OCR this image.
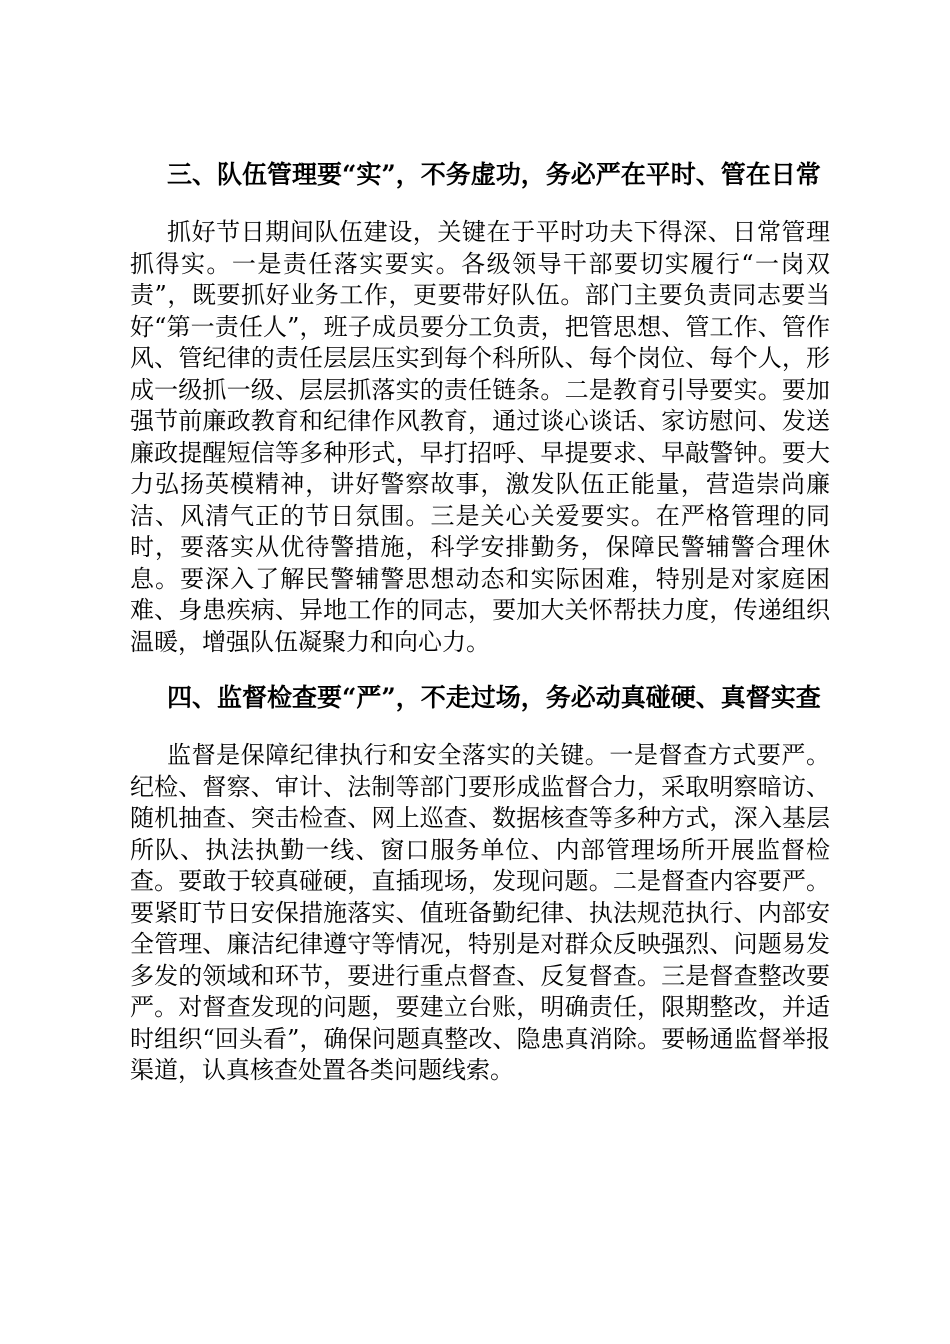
三、队伍管理要“实”，不务虚功，务必严在平时、管在日常
抓好节日期间队伍建设，关键在于平时功夫下得深、日常管理抓得实。一是责任落实要实。各级领导干部要切实履行“一岗双责”，既要抓好业务工作，更要带好队伍。部门主要负责同志要当好“第一责任人”，班子成员要分工负责，把管思想、管工作、管作风、管纪律的责任层层压实到每个科所队、每个岗位、每个人，形成一级抓一级、层层抓落实的责任链条。二是教育引导要实。要加强节前廉政教育和纪律作风教育，通过谈心谈话、家访慰问、发送廉政提醒短信等多种形式，早打招呼、早提要求、早敲警钟。要大力弘扬英模精神，讲好警察故事，激发队伍正能量，营造崇尚廉洁、风清气正的节日氛围。三是关心关爱要实。在严格管理的同时，要落实从优待警措施，科学安排勤务，保障民警辅警合理休息。要深入了解民警辅警思想动态和实际困难，特别是对家庭困难、身患疾病、异地工作的同志，要加大关怀帮扶力度，传递组织温暖，增强队伍凝聚力和向心力。
四、监督检查要“严”，不走过场，务必动真碰硬、真督实查
监督是保障纪律执行和安全落实的关键。一是督查方式要严。纪检、督察、审计、法制等部门要形成监督合力，采取明察暗访、随机抽查、突击检查、网上巡查、数据核查等多种方式，深入基层所队、执法执勤一线、窗口服务单位、内部管理场所开展监督检查。要敢于较真碰硬，直插现场，发现问题。二是督查内容要严。要紧盯节日安保措施落实、值班备勤纪律、执法规范执行、内部安全管理、廉洁纪律遵守等情况，特别是对群众反映强烈、问题易发多发的领域和环节，要进行重点督查、反复督查。三是督查整改要严。对督查发现的问题，要建立台账，明确责任，限期整改，并适时组织“回头看”，确保问题真整改、隐患真消除。要畅通监督举报渠道，认真核查处置各类问题线索。
